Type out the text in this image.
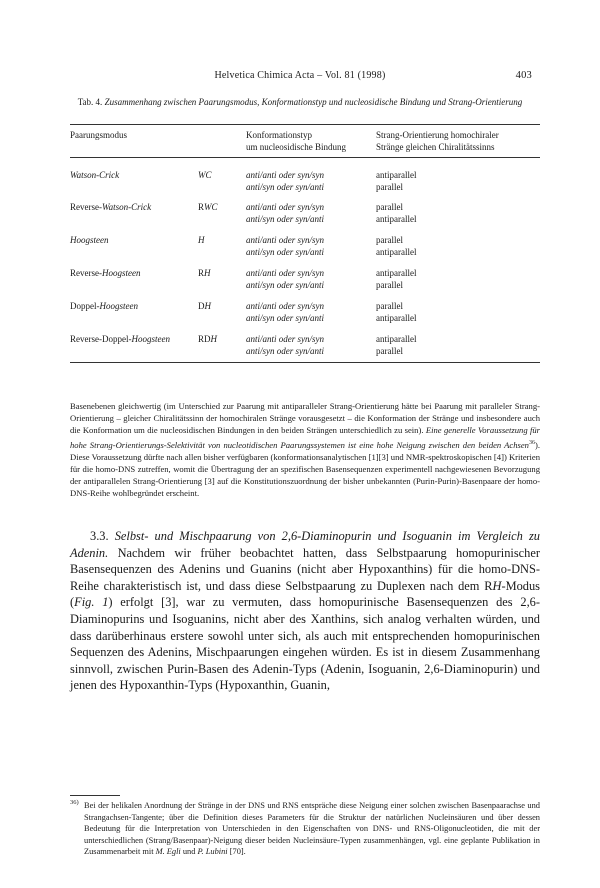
Helvetica Chimica Acta – Vol. 81 (1998)	403
Tab. 4. Zusammenhang zwischen Paarungsmodus, Konformationstyp und nucleosidische Bindung und Strang-Orientierung
Paarungsmodus	Konformationstyp	Strang-Orientierung homochiraler
um nucleosidische Bindung	Stränge gleichen Chiralitätssinns
Watson-Crick	WC	anti/anti oder syn/syn	antiparallel
anti/syn oder syn/anti	parallel
Reverse-Watson-Crick	RWC	anti/anti oder syn/syn	parallel
anti/syn oder syn/anti	antiparallel
Hoogsteen	H	anti/anti oder syn/syn	parallel
anti/syn oder syn/anti	antiparallel
Reverse-Hoogsteen	RH	anti/anti oder syn/syn	antiparallel
anti/syn oder syn/anti	parallel
Doppel-Hoogsteen	DH	anti/anti oder syn/syn	parallel
anti/syn oder syn/anti	antiparallel
Reverse-Doppel-Hoogsteen	RDH	anti/anti oder syn/syn	antiparallel
anti/syn oder syn/anti	parallel
Basenebenen gleichwertig (im Unterschied zur Paarung mit antiparalleler Strang-Orientierung hätte bei Paarung mit paralleler Strang-Orientierung – gleicher Chiralitätssinn der homochiralen Stränge vorausgesetzt – die Konformation der Stränge und insbesondere auch die Konformation um die nucleosidischen Bindungen in den beiden Strängen unterschiedlich zu sein). Eine generelle Voraussetzung für hohe Strang-Orientierungs-Selektivität von nucleotidischen Paarungssystemen ist eine hohe Neigung zwischen den beiden Achsen$^{36}$). Diese Voraussetzung dürfte nach allen bisher verfügbaren (konformationsanalytischen [1][3] und NMR-spektroskopischen [4]) Kriterien für die homo-DNS zutreffen, womit die Übertragung der an spezifischen Basensequenzen experimentell nachgewiesenen Bevorzugung der antiparallelen Strang-Orientierung [3] auf die Konstitutionszuordnung der bisher unbekannten (Purin-Purin)-Basenpaare der homo-DNS-Reihe wohlbegründet erscheint.
3.3. Selbst- und Mischpaarung von 2,6-Diaminopurin und Isoguanin im Vergleich zu Adenin. Nachdem wir früher beobachtet hatten, dass Selbstpaarung homopurinischer Basensequenzen des Adenins und Guanins (nicht aber Hypoxanthins) für die homo-DNS-Reihe charakteristisch ist, und dass diese Selbstpaarung zu Duplexen nach dem RH-Modus (Fig. 1) erfolgt [3], war zu vermuten, dass homopurinische Basensequenzen des 2,6-Diaminopurins und Isoguanins, nicht aber des Xanthins, sich analog verhalten würden, und dass darüberhinaus erstere sowohl unter sich, als auch mit entsprechenden homopurinischen Sequenzen des Adenins, Mischpaarungen eingehen würden. Es ist in diesem Zusammenhang sinnvoll, zwischen Purin-Basen des Adenin-Typs (Adenin, Isoguanin, 2,6-Diaminopurin) und jenen des Hypoxanthin-Typs (Hypoxanthin, Guanin,
36) Bei der helikalen Anordnung der Stränge in der DNS und RNS entspräche diese Neigung einer solchen zwischen Basenpaarachse und Strangachsen-Tangente; über die Definition dieses Parameters für die Struktur der natürlichen Nucleinsäuren und über dessen Bedeutung für die Interpretation von Unterschieden in den Eigenschaften von DNS- und RNS-Oligonucleotiden, die mit der unterschiedlichen (Strang/Basenpaar)-Neigung dieser beiden Nucleinsäure-Typen zusammenhängen, vgl. eine geplante Publikation in Zusammenarbeit mit M. Egli und P. Lubini [70].
